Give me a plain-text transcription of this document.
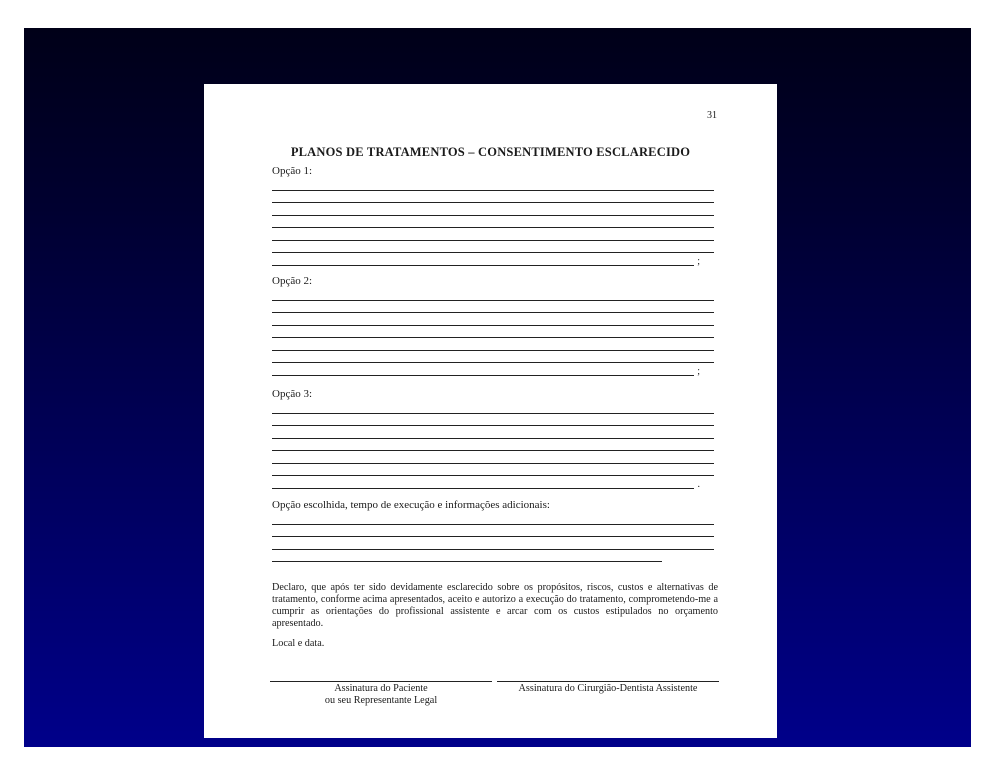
31
PLANOS DE TRATAMENTOS – CONSENTIMENTO ESCLARECIDO
Opção 1:
;
Opção 2:
;
Opção 3:
.
Opção escolhida, tempo de execução e informações adicionais:
Declaro, que após ter sido devidamente esclarecido sobre os propósitos, riscos, custos e alternativas de tratamento, conforme acima apresentados, aceito e autorizo a execução do tratamento, comprometendo-me a cumprir as orientações do profissional assistente e arcar com os custos estipulados no orçamento apresentado.
Local e data.
Assinatura do Paciente
ou seu Representante Legal
Assinatura do Cirurgião-Dentista Assistente
CFO, 2004
